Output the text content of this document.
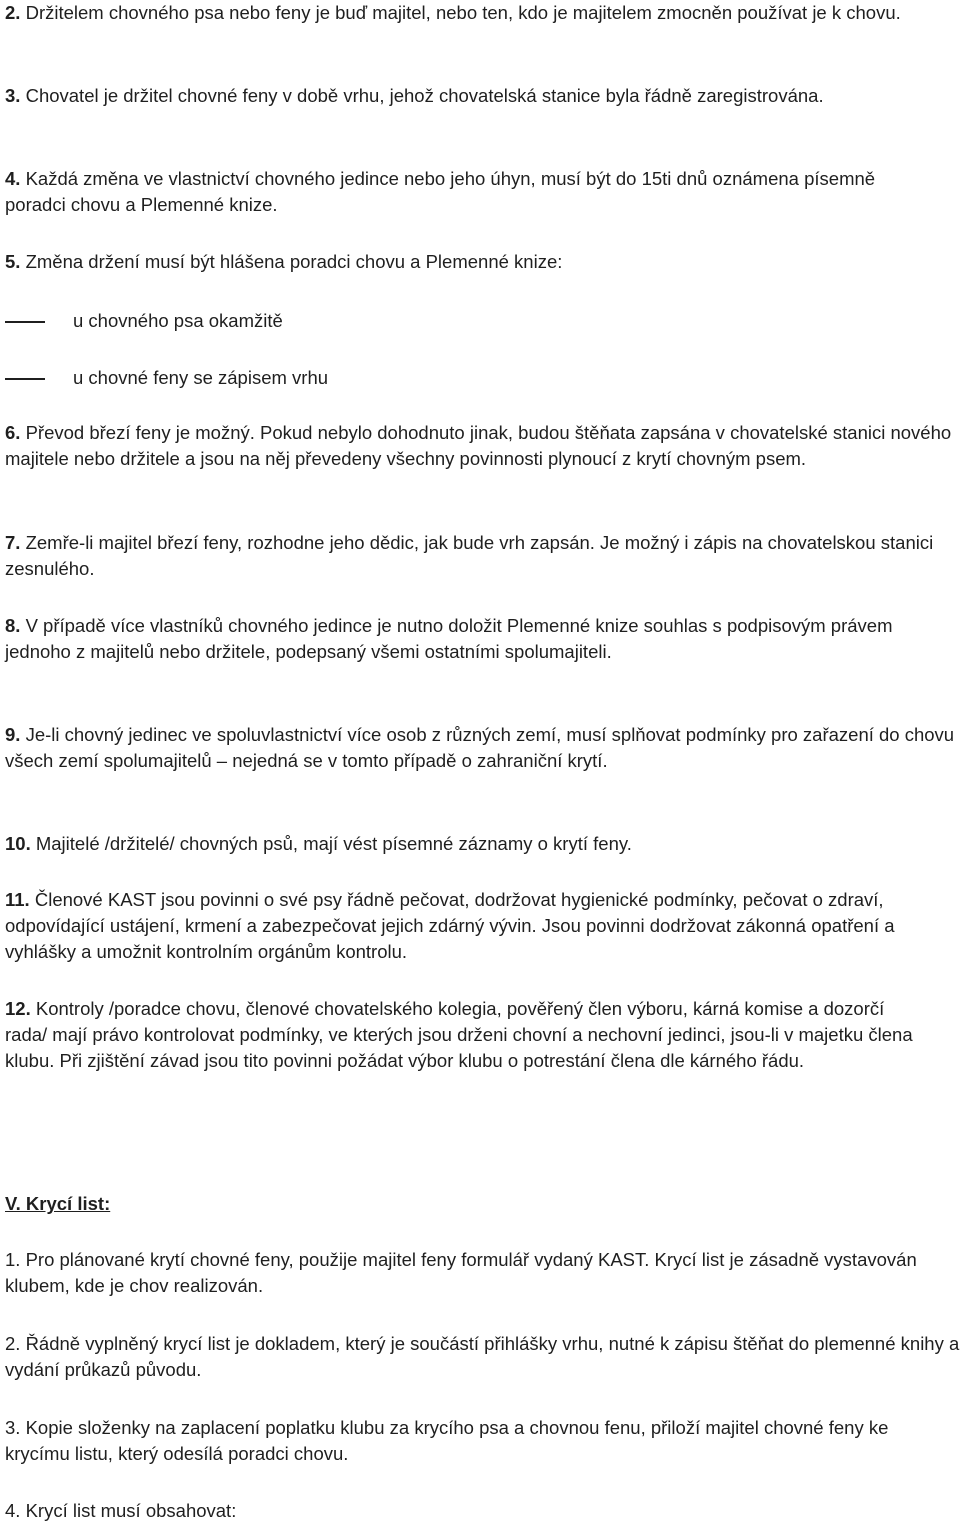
2. Držitelem chovného psa nebo feny je buď majitel, nebo ten, kdo je majitelem zmocněn používat je k chovu.

3. Chovatel je držitel chovné feny v době vrhu, jehož chovatelská stanice byla řádně zaregistrována.

4. Každá změna ve vlastnictví chovného jedince nebo jeho úhyn, musí být do 15ti dnů oznámena písemně poradci chovu a Plemenné knize.

5. Změna držení musí být hlášena poradci chovu a Plemenné knize:

u chovného psa okamžitě
u chovné feny se zápisem vrhu

6. Převod březí feny je možný. Pokud nebylo dohodnuto jinak, budou štěňata zapsána v chovatelské stanici nového majitele nebo držitele a jsou na něj převedeny všechny povinnosti plynoucí z krytí chovným psem.

7. Zemře-li majitel březí feny, rozhodne jeho dědic, jak bude vrh zapsán. Je možný i zápis na chovatelskou stanici zesnulého.

8. V případě více vlastníků chovného jedince je nutno doložit Plemenné knize souhlas s podpisovým právem jednoho z majitelů nebo držitele, podepsaný všemi ostatními spolumajiteli.

9. Je-li chovný jedinec ve spoluvlastnictví více osob z různých zemí, musí splňovat podmínky pro zařazení do chovu všech zemí spolumajitelů – nejedná se v tomto případě o zahraniční krytí.

10. Majitelé /držitelé/ chovných psů, mají vést písemné záznamy o krytí feny.

11. Členové KAST jsou povinni o své psy řádně pečovat, dodržovat hygienické podmínky, pečovat o zdraví, odpovídající ustájení, krmení a zabezpečovat jejich zdárný vývin. Jsou povinni dodržovat zákonná opatření a vyhlášky a umožnit kontrolním orgánům kontrolu.

12. Kontroly /poradce chovu, členové chovatelského kolegia, pověřený člen výboru, kárná komise a dozorčí rada/ mají právo kontrolovat podmínky, ve kterých jsou drženi chovní a nechovní jedinci, jsou-li v majetku člena klubu. Při zjištění závad jsou tito povinni požádat výbor klubu o potrestání člena dle kárného řádu.

V. Krycí list:

1. Pro plánované krytí chovné feny, použije majitel feny formulář vydaný KAST. Krycí list je zásadně vystavován klubem, kde je chov realizován.

2. Řádně vyplněný krycí list je dokladem, který je součástí přihlášky vrhu, nutné k zápisu štěňat do plemenné knihy a vydání průkazů původu.

3. Kopie složenky na zaplacení poplatku klubu za krycího psa a chovnou fenu, přiloží majitel chovné feny ke krycímu listu, který odesílá poradci chovu.

4. Krycí list musí obsahovat:
